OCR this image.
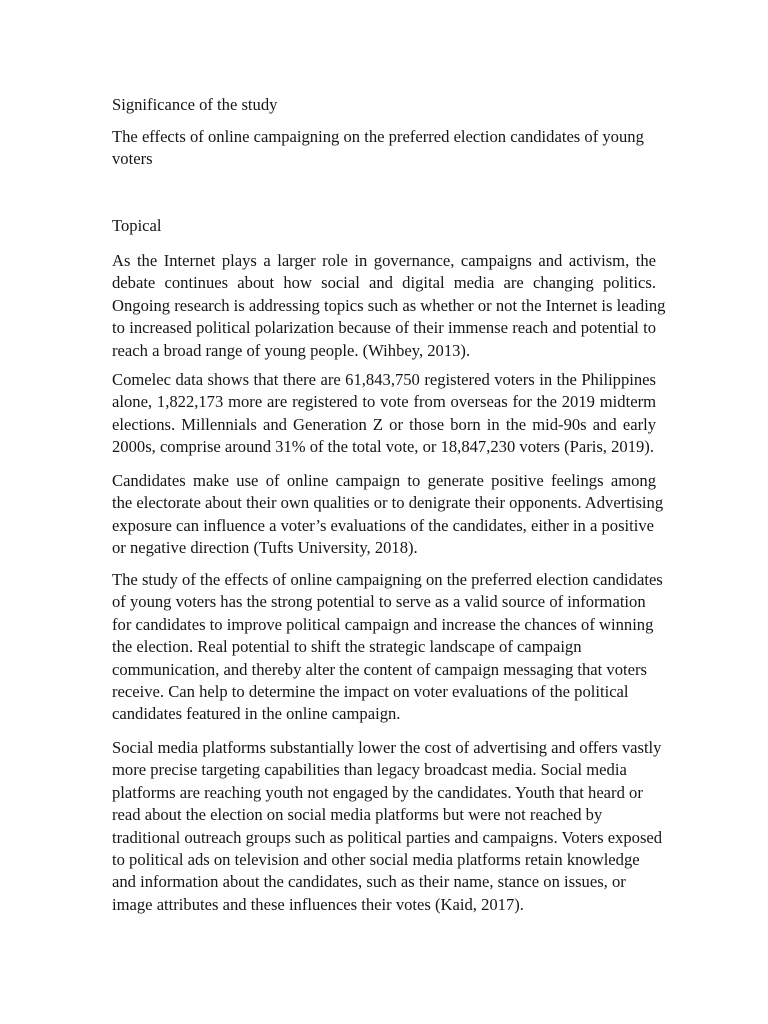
Significance of the study
The effects of online campaigning on the preferred election candidates of young
voters
Topical
As the Internet plays a larger role in governance, campaigns and activism, the
debate continues about how social and digital media are changing politics.
Ongoing research is addressing topics such as whether or not the Internet is leading
to increased political polarization because of their immense reach and potential to
reach a broad range of young people. (Wihbey, 2013).
Comelec data shows that there are 61,843,750 registered voters in the Philippines
alone, 1,822,173 more are registered to vote from overseas for the 2019 midterm
elections. Millennials and Generation Z or those born in the mid-90s and early
2000s, comprise around 31% of the total vote, or 18,847,230 voters (Paris, 2019).
Candidates make use of online campaign to generate positive feelings among
the electorate about their own qualities or to denigrate their opponents. Advertising
exposure can influence a voter’s evaluations of the candidates, either in a positive
or negative direction (Tufts University, 2018).
The study of the effects of online campaigning on the preferred election candidates
of young voters has the strong potential to serve as a valid source of information
for candidates to improve political campaign and increase the chances of winning
the election. Real potential to shift the strategic landscape of campaign
communication, and thereby alter the content of campaign messaging that voters
receive. Can help to determine the impact on voter evaluations of the political
candidates featured in the online campaign.
Social media platforms substantially lower the cost of advertising and offers vastly
more precise targeting capabilities than legacy broadcast media. Social media
platforms are reaching youth not engaged by the candidates. Youth that heard or
read about the election on social media platforms but were not reached by
traditional outreach groups such as political parties and campaigns. Voters exposed
to political ads on television and other social media platforms retain knowledge
and information about the candidates, such as their name, stance on issues, or
image attributes and these influences their votes (Kaid, 2017).
